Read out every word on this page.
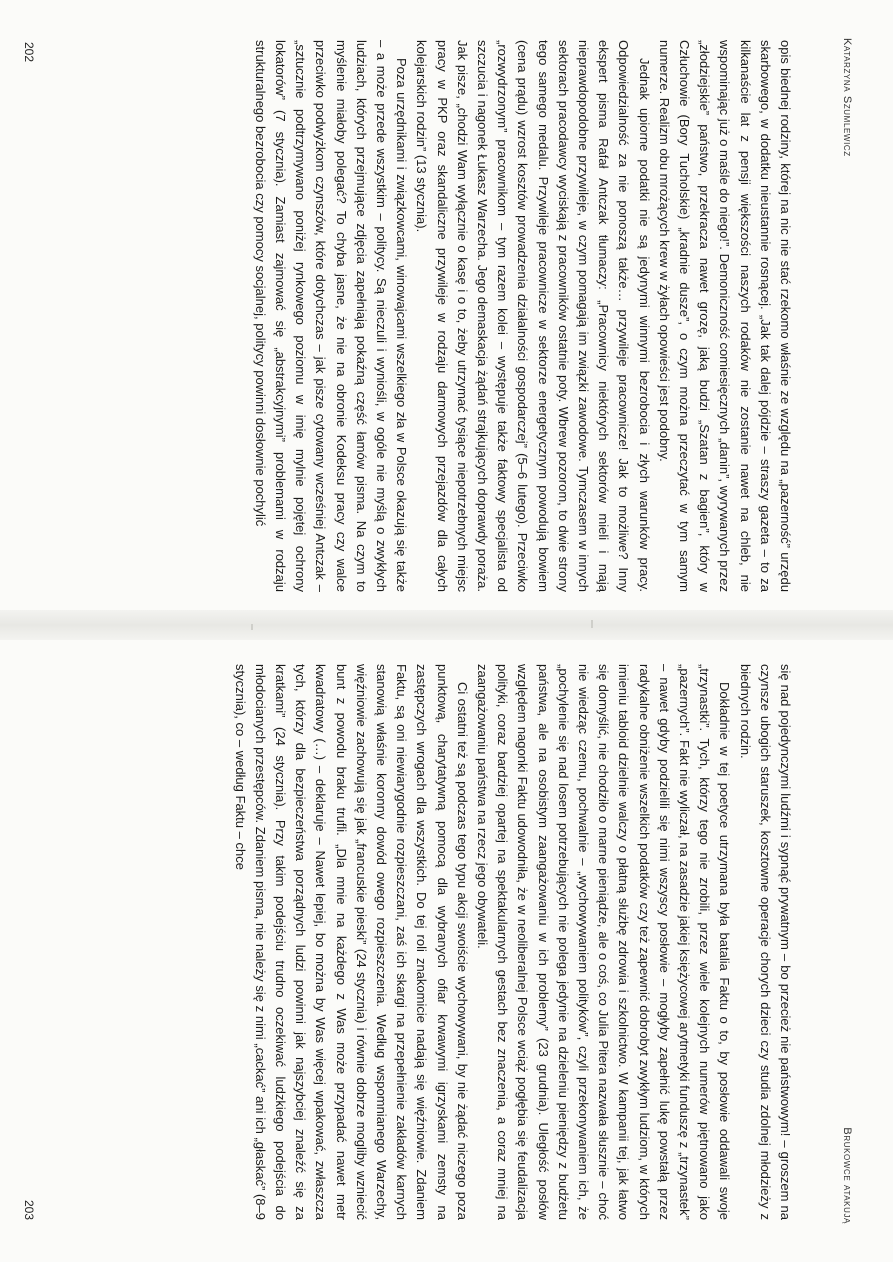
Katarzyna Szumlewicz

opis biednej rodziny, której na nic nie stać rzekomo właśnie ze względu na „pazerność” urzędu skarbowego, w dodatku nieustannie rosnącej. „Jak tak dalej pójdzie – straszy gazeta – to za kilkanaście lat z pensji większości naszych rodaków nie zostanie nawet na chleb, nie wspominając już o maśle do niego!”. Demoniczność comiesięcznych „danin”, wyrywanych przez „złodziejskie” państwo, przekracza nawet grozę, jaką budzi „Szatan z bagien”, który w Człuchowie (Bory Tucholskie) „kradnie dusze”, o czym można przeczytać w tym samym numerze. Realizm obu mrożących krew w żyłach opowieści jest podobny.

Jednak upiorne podatki nie są jedynymi winnymi bezrobocia i złych warunków pracy. Odpowiedzialność za nie ponoszą także… przywileje pracownicze! Jak to możliwe? Inny ekspert pisma Rafał Antczak tłumaczy: „Pracownicy niektórych sektorów mieli i mają nieprawdopodobne przywileje, w czym pomagają im związki zawodowe. Tymczasem w innych sektorach pracodawcy wyciskają z pracowników ostatnie poty. Wbrew pozorom, to dwie strony tego samego medalu. Przywileje pracownicze w sektorze energetycznym powodują bowiem (cena prądu) wzrost kosztów prowadzenia działalności gospodarczej” (5–6 lutego). Przeciwko „rozwydrzonym” pracownikom – tym razem kolei – występuje także faktowy specjalista od szczucia i nagonek Łukasz Warzecha. Jego demaskacja żądań strajkujących doprawdy poraża. Jak pisze, „chodzi Wam wyłącznie o kasę i o to, żeby utrzymać tysiące niepotrzebnych miejsc pracy w PKP oraz skandaliczne przywileje w rodzaju darmowych przejazdów dla całych kolejarskich rodzin” (13 stycznia).

Poza urzędnikami i związkowcami, winowajcami wszelkiego zła w Polsce okazują się także – a może przede wszystkim – politycy. Są nieczuli i wyniośli, w ogóle nie myślą o zwykłych ludziach, których przejmujące zdjęcia zapełniają pokaźną część łamów pisma. Na czym to myślenie miałoby polegać? To chyba jasne, że nie na obronie Kodeksu pracy czy walce przeciwko podwyżkom czynszów, które dotychczas – jak pisze cytowany wcześniej Antczak – „sztucznie podtrzymywano poniżej rynkowego poziomu w imię mylnie pojętej ochrony lokatorów” (7 stycznia). Zamiast zajmować się „abstrakcyjnymi” problemami w rodzaju strukturalnego bezrobocia czy pomocy socjalnej, politycy powinni dosłownie pochylić

202
Brukowce atakują

się nad pojedynczymi ludźmi i sypnąć prywatnym – bo przecież nie państwowym! – groszem na czynsze ubogich staruszek, kosztowne operacje chorych dzieci czy studia zdolnej młodzieży z biednych rodzin.

Dokładnie w tej poetyce utrzymana była batalia Faktu o to, by posłowie oddawali swoje „trzynastki”. Tych, którzy tego nie zrobili, przez wiele kolejnych numerów piętnowano jako „pazernych”. Fakt nie wyliczał, na zasadzie jakiej księżycowej arytmetyki funduszę z „trzynastek” – nawet gdyby podzielili się nimi wszyscy posłowie – mogłyby zapełnić lukę powstałą przez radykalne obniżenie wszelkich podatków czy też zapewnić dobrobyt zwykłym ludziom, w których imieniu tabloid dzielnie walczy o płatną służbę zdrowia i szkolnictwo. W kampanii tej, jak łatwo się domyślić, nie chodziło o marne pieniądze, ale o coś, co Julia Pitera nazwała słusznie – choć nie wiedząc czemu, pochwalnie – „wychowywaniem polityków”, czyli przekonywaniem ich, że „pochylenie się nad losem potrzebujących nie polega jedynie na dzieleniu pieniędzy z budżetu państwa, ale na osobistym zaangażowaniu w ich problemy” (23 grudnia). Uległość posłów względem nagonki Faktu udowodniła, że w neoliberalnej Polsce wciąż pogłębia się feudalizacja polityki, coraz bardziej opartej na spektakularnych gestach bez znaczenia, a coraz mniej na zaangażowaniu państwa na rzecz jego obywateli.

Ci ostatni też są podczas tego typu akcji swoiście wychowywani, by nie żądać niczego poza punktową, charytatywną pomocą dla wybranych ofiar krwawymi igrzyskami zemsty na zastępczych wrogach dla wszystkich. Do tej roli znakomicie nadają się więźniowie. Zdaniem Faktu, są oni niewiarygodnie rozpieszczani, zaś ich skargi na przepełnienie zakładów karnych stanowią właśnie koronny dowód owego rozpieszczenia. Według wspomnianego Warzechy, więźniowie zachowują się jak „francuskie pieski” (24 stycznia) i równie dobrze mogliby wzniecić bunt z powodu braku trufli. „Dla mnie na każdego z Was może przypadać nawet metr kwadratowy (…) – deklaruje – Nawet lepiej, bo można by Was więcej wpakować, zwłaszcza tych, którzy dla bezpieczeństwa porządnych ludzi powinni jak najszybciej znaleźć się za kratkami” (24 stycznia). Przy takim podejściu trudno oczekiwać ludzkiego podejścia do młodocianych przestępców. Zdaniem pisma, nie należy się z nimi „cackać” ani ich „głaskać” (8–9 stycznia), co – według Faktu – chce

203
